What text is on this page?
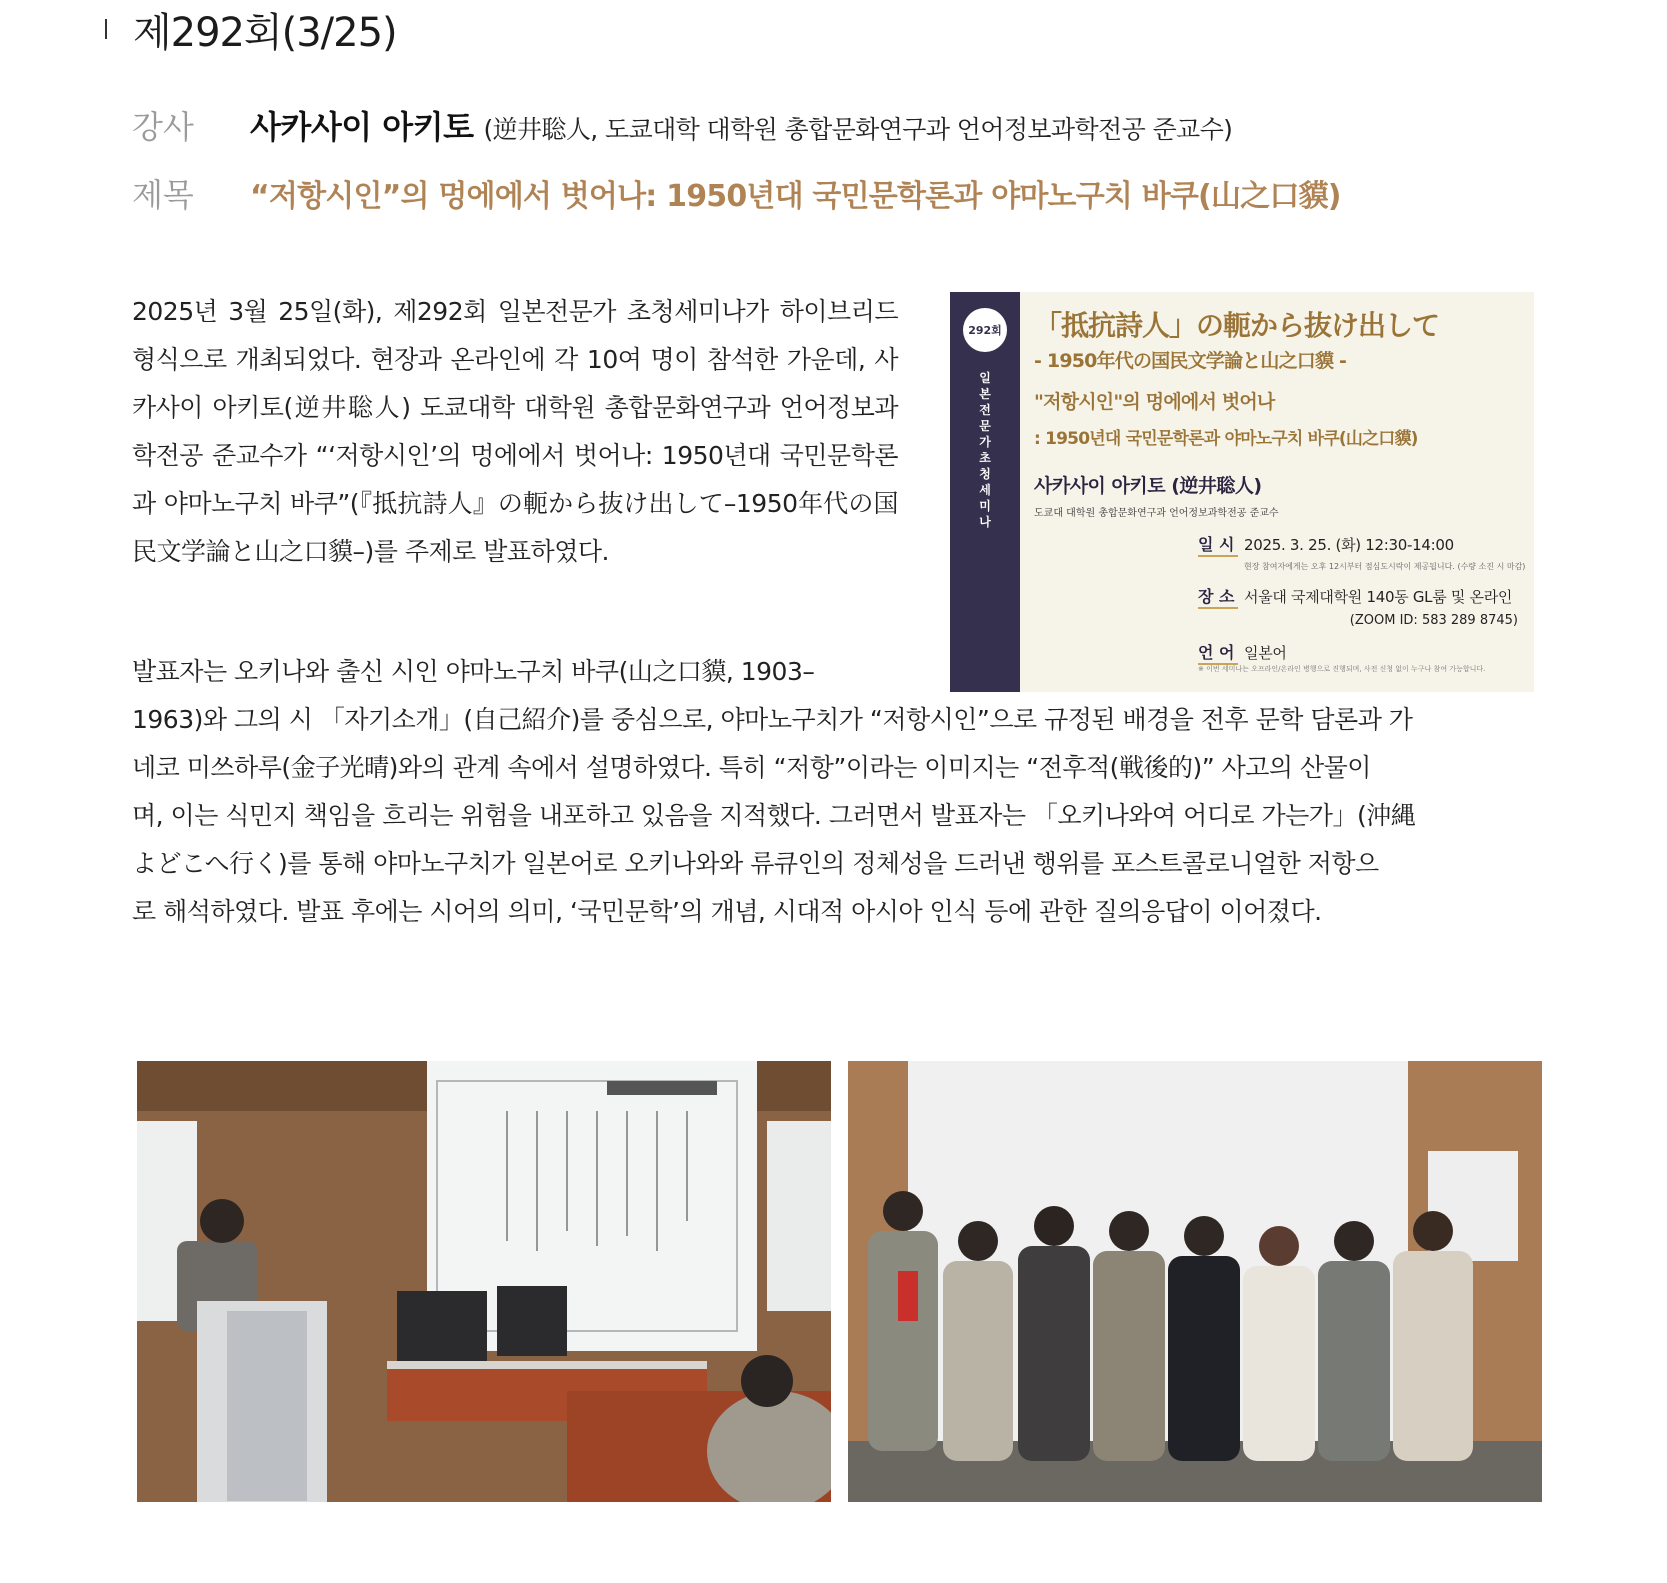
제292회(3/25)
강사	사카사이 아키토 (逆井聡人, 도쿄대학 대학원 총합문화연구과 언어정보과학전공 준교수)
제목	“저항시인”의 멍에에서 벗어나: 1950년대 국민문학론과 야마노구치 바쿠(山之口貘)

2025년 3월 25일(화), 제292회 일본전문가 초청세미나가 하이브리드 형식으로 개최되었다. 현장과 온라인에 각 10여 명이 참석한 가운데, 사카사이 아키토(逆井聡人) 도쿄대학 대학원 총합문화연구과 언어정보과학전공 준교수가 “‘저항시인’의 멍에에서 벗어나: 1950년대 국민문학론과 야마노구치 바쿠”(『抵抗詩人』の軛から抜け出して–1950年代の国民文学論と山之口貘–)를 주제로 발표하였다.

발표자는 오키나와 출신 시인 야마노구치 바쿠(山之口貘, 1903–

1963)와 그의 시 「자기소개」(自己紹介)를 중심으로, 야마노구치가 “저항시인”으로 규정된 배경을 전후 문학 담론과 가

네코 미쓰하루(金子光晴)와의 관계 속에서 설명하였다. 특히 “저항”이라는 이미지는 “전후적(戦後的)” 사고의 산물이

며, 이는 식민지 책임을 흐리는 위험을 내포하고 있음을 지적했다. 그러면서 발표자는 「오키나와여 어디로 가는가」(沖縄

よどこへ行く)를 통해 야마노구치가 일본어로 오키나와와 류큐인의 정체성을 드러낸 행위를 포스트콜로니얼한 저항으

로 해석하였다. 발표 후에는 시어의 의미, ‘국민문학’의 개념, 시대적 아시아 인식 등에 관한 질의응답이 이어졌다.

292회
일본전문가 초청세미나
「抵抗詩人」の軛から抜け出して
- 1950年代の国民文学論と山之口貘 -
"저항시인"의 멍에에서 벗어나
: 1950년대 국민문학론과 야마노구치 바쿠(山之口貘)
사카사이 아키토 (逆井聡人)
도쿄대 대학원 총합문화연구과 언어정보과학전공 준교수
일 시 2025. 3. 25. (화) 12:30-14:00
현장 참여자에게는 오후 12시부터 점심도시락이 제공됩니다. (수량 소진 시 마감)
장 소 서울대 국제대학원 140동 GL룸 및 온라인
(ZOOM ID: 583 289 8745)
언 어 일본어
※ 이번 세미나는 오프라인/온라인 병행으로 진행되며, 사전 신청 없이 누구나 참여 가능합니다.
